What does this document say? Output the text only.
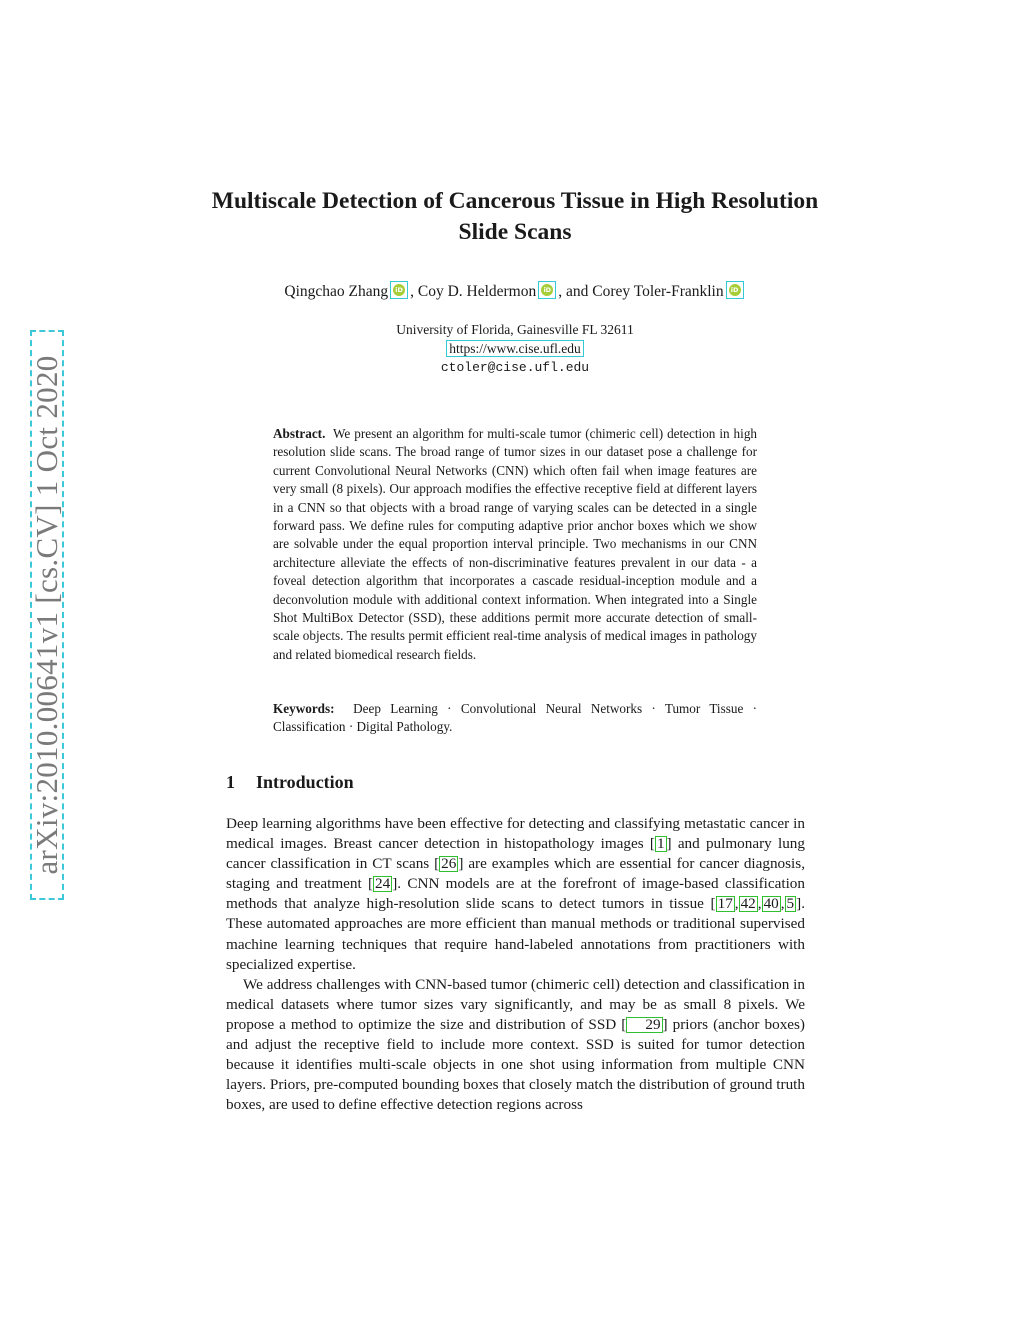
arXiv:2010.00641v1 [cs.CV] 1 Oct 2020
Multiscale Detection of Cancerous Tissue in High Resolution Slide Scans
Qingchao Zhang	iD , Coy D. Heldermon	iD , and Corey Toler-Franklin	iD
University of Florida, Gainesville FL 32611
https://www.cise.ufl.edu
ctoler@cise.ufl.edu

Abstract. We present an algorithm for multi-scale tumor (chimeric cell) detection in high resolution slide scans. The broad range of tumor sizes in our dataset pose a challenge for current Convolutional Neural Networks (CNN) which often fail when image features are very small (8 pixels). Our approach modifies the effective receptive field at different layers in a CNN so that objects with a broad range of varying scales can be detected in a single forward pass. We define rules for computing adaptive prior anchor boxes which we show are solvable under the equal proportion interval principle. Two mechanisms in our CNN architecture alleviate the effects of non-discriminative features prevalent in our data - a foveal detection algorithm that incorporates a cascade residual-inception module and a deconvolution module with additional context information. When integrated into a Single Shot MultiBox Detector (SSD), these additions permit more accurate detection of small-scale objects. The results permit efficient real-time analysis of medical images in pathology and related biomedical research fields.

Keywords: Deep Learning · Convolutional Neural Networks · Tumor Tissue · Classification · Digital Pathology.

1 Introduction

Deep learning algorithms have been effective for detecting and classifying metastatic cancer in medical images. Breast cancer detection in histopathology images [ 1 ] and pulmonary lung cancer classification in CT scans [ 26 ] are examples which are essential for cancer diagnosis, staging and treatment [ 24 ]. CNN models are at the forefront of image-based classification methods that analyze high-resolution slide scans to detect tumors in tissue [ 17 , 42 , 40 , 5 ]. These automated approaches are more efficient than manual methods or traditional supervised machine learning techniques that require hand-labeled annotations from practitioners with specialized expertise.

We address challenges with CNN-based tumor (chimeric cell) detection and classification in medical datasets where tumor sizes vary significantly, and may be as small 8 pixels. We propose a method to optimize the size and distribution of SSD [ 29 ] priors (anchor boxes) and adjust the receptive field to include more context. SSD is suited for tumor detection because it identifies multi-scale objects in one shot using information from multiple CNN layers. Priors, pre-computed bounding boxes that closely match the distribution of ground truth boxes, are used to define effective detection regions across
